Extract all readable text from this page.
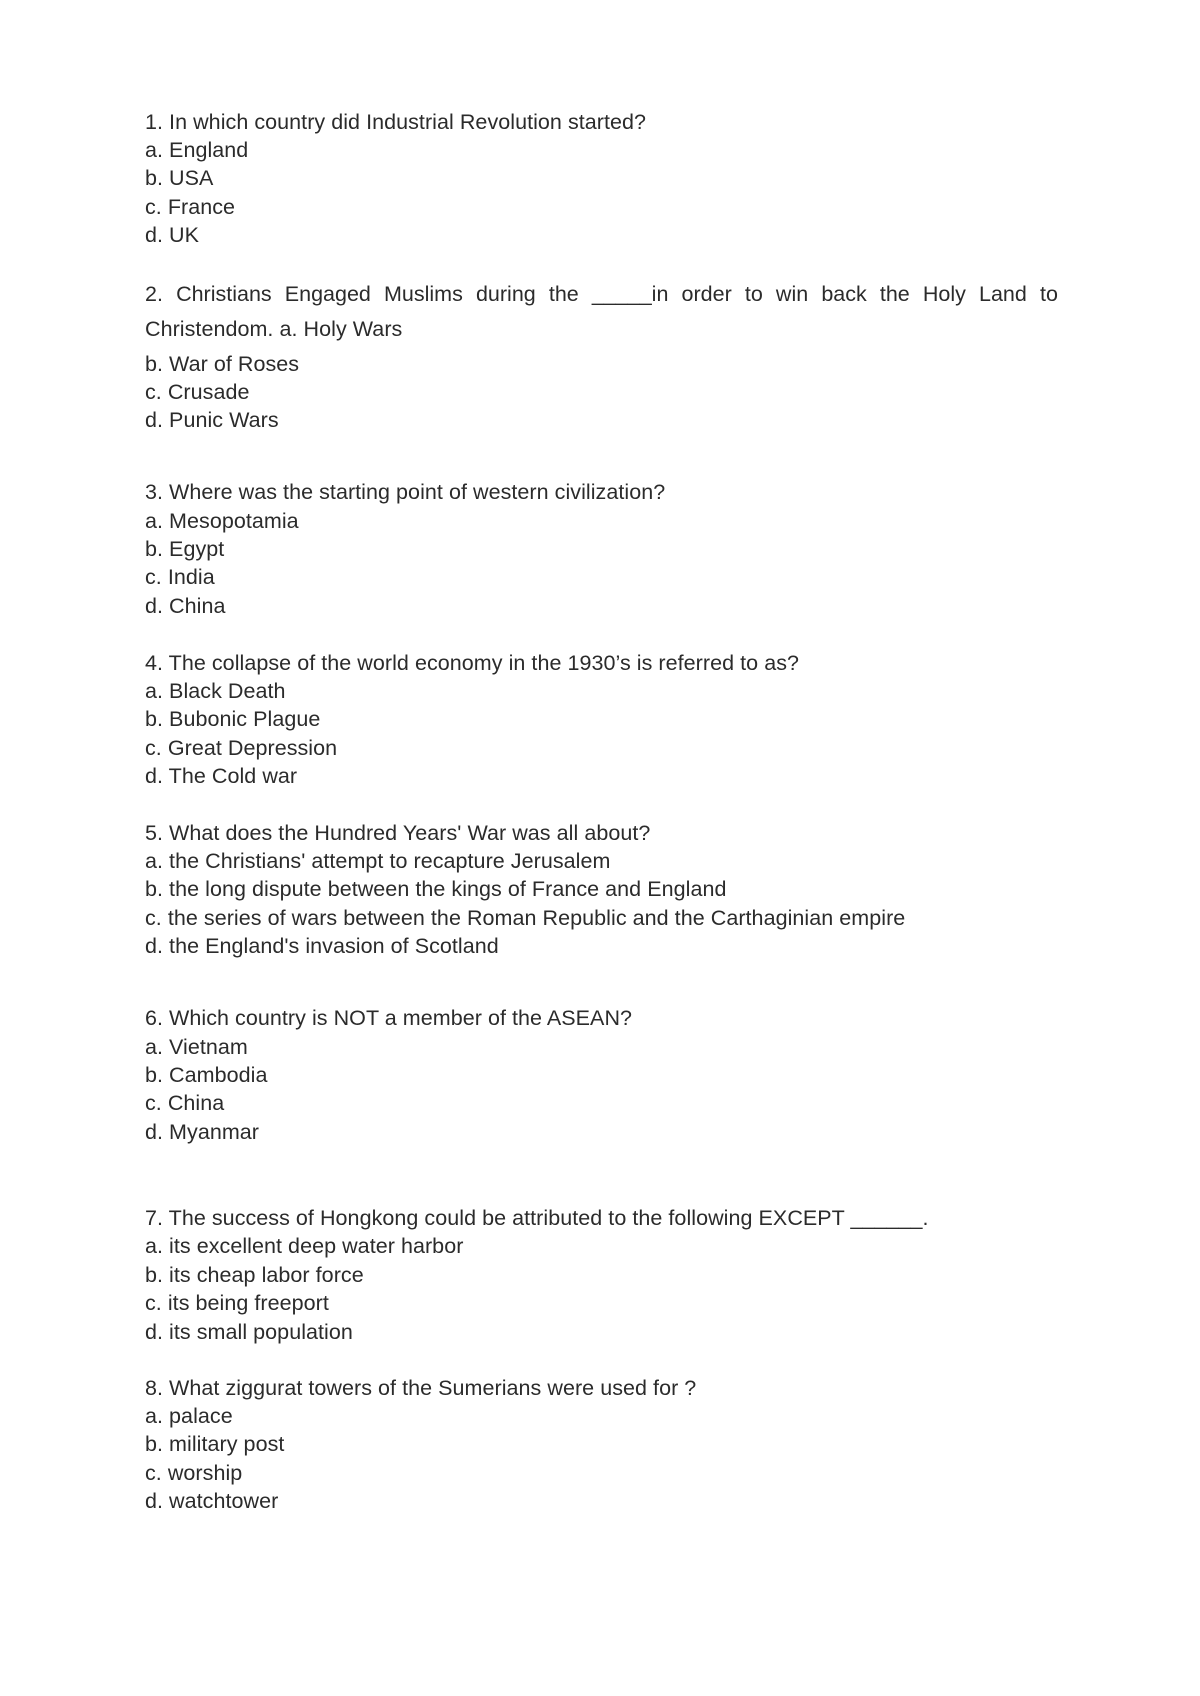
1. In which country did Industrial Revolution started?

a. England

b. USA

c. France

d. UK

2. Christians Engaged Muslims during the _____in order to win back the Holy Land to

Christendom. a. Holy Wars

b. War of Roses

c. Crusade

d. Punic Wars

3. Where was the starting point of western civilization?

a. Mesopotamia

b. Egypt

c. India

d. China

4. The collapse of the world economy in the 1930’s is referred to as?

a. Black Death

b. Bubonic Plague

c. Great Depression

d. The Cold war

5. What does the Hundred Years' War was all about?

a. the Christians' attempt to recapture Jerusalem

b. the long dispute between the kings of France and England

c. the series of wars between the Roman Republic and the Carthaginian empire

d. the England's invasion of Scotland

6. Which country is NOT a member of the ASEAN?

a. Vietnam

b. Cambodia

c. China

d. Myanmar

7. The success of Hongkong could be attributed to the following EXCEPT ______.

a. its excellent deep water harbor

b. its cheap labor force

c. its being freeport

d. its small population

8. What ziggurat towers of the Sumerians were used for ?

a. palace

b. military post

c. worship

d. watchtower
